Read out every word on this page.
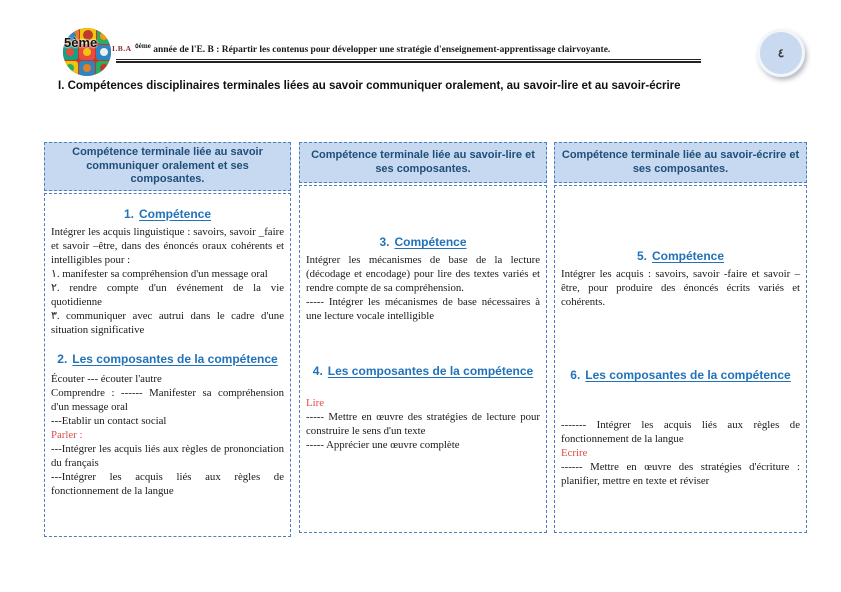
5ème I.B.A $^{٥ème}$ année de l'E. B : Répartir les contenus pour développer une stratégie d'enseignement-apprentissage clairvoyante.	٤
I. Compétences disciplinaires terminales liées au savoir communiquer oralement, au savoir-lire et au savoir-écrire
Compétence terminale liée au savoir communiquer oralement et ses composantes.
1. Compétence

Intégrer les acquis linguistique : savoirs, savoir _faire et savoir –être, dans des énoncés oraux cohérents et intelligibles pour :

١. manifester sa compréhension d'un message oral

٢. rendre compte d'un événement de la vie quotidienne

٣. communiquer avec autrui dans le cadre d'une situation significative

2. Les composantes de la compétence

Écouter --- écouter l'autre

Comprendre : ------ Manifester sa compréhension d'un message oral

---Etablir un contact social

Parler :

---Intégrer les acquis liés aux règles de prononciation du français

---Intégrer les acquis liés aux règles de fonctionnement de la langue

Compétence terminale liée au savoir-lire et ses composantes.
3. Compétence

Intégrer les mécanismes de base de la lecture (décodage et encodage) pour lire des textes variés et rendre compte de sa compréhension.

----- Intégrer les mécanismes de base nécessaires à une lecture vocale intelligible

4. Les composantes de la compétence

Lire

----- Mettre en œuvre des stratégies de lecture pour construire le sens d'un texte

----- Apprécier une œuvre complète

Compétence terminale liée au savoir-écrire et ses composantes.
5. Compétence

Intégrer les acquis : savoirs, savoir -faire et savoir –être, pour produire des énoncés écrits variés et cohérents.

6. Les composantes de la compétence

------- Intégrer les acquis liés aux règles de fonctionnement de la langue

Ecrire

------ Mettre en œuvre des stratégies d'écriture : planifier, mettre en texte et réviser
